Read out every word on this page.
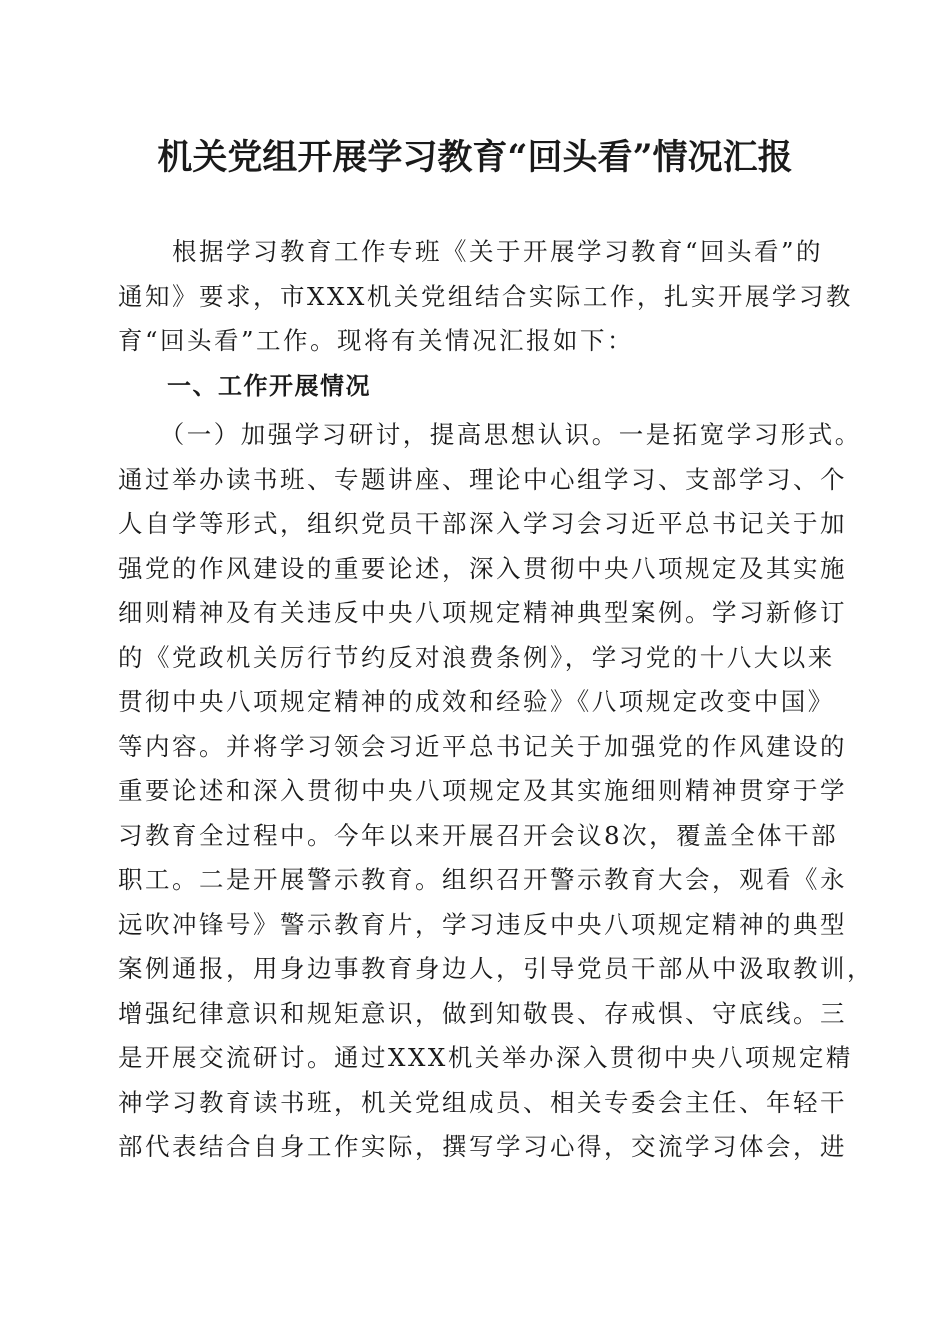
机关党组开展学习教育“回头看”情况汇报
　　根据学习教育工作专班《关于开展学习教育“回头看”的
通知》要求，市XXX机关党组结合实际工作，扎实开展学习教
育“回头看”工作。现将有关情况汇报如下：
一、工作开展情况
　　（一）加强学习研讨，提高思想认识。一是拓宽学习形式。
通过举办读书班、专题讲座、理论中心组学习、支部学习、个
人自学等形式，组织党员干部深入学习会习近平总书记关于加
强党的作风建设的重要论述，深入贯彻中央八项规定及其实施
细则精神及有关违反中央八项规定精神典型案例。学习新修订
的《党政机关厉行节约反对浪费条例》，学习党的十八大以来
贯彻中央八项规定精神的成效和经验》《八项规定改变中国》
等内容。并将学习领会习近平总书记关于加强党的作风建设的
重要论述和深入贯彻中央八项规定及其实施细则精神贯穿于学
习教育全过程中。今年以来开展召开会议8次，覆盖全体干部
职工。二是开展警示教育。组织召开警示教育大会，观看《永
远吹冲锋号》警示教育片，学习违反中央八项规定精神的典型
案例通报，用身边事教育身边人，引导党员干部从中汲取教训，
增强纪律意识和规矩意识，做到知敬畏、存戒惧、守底线。三
是开展交流研讨。通过XXX机关举办深入贯彻中央八项规定精
神学习教育读书班，机关党组成员、相关专委会主任、年轻干
部代表结合自身工作实际，撰写学习心得，交流学习体会，进
